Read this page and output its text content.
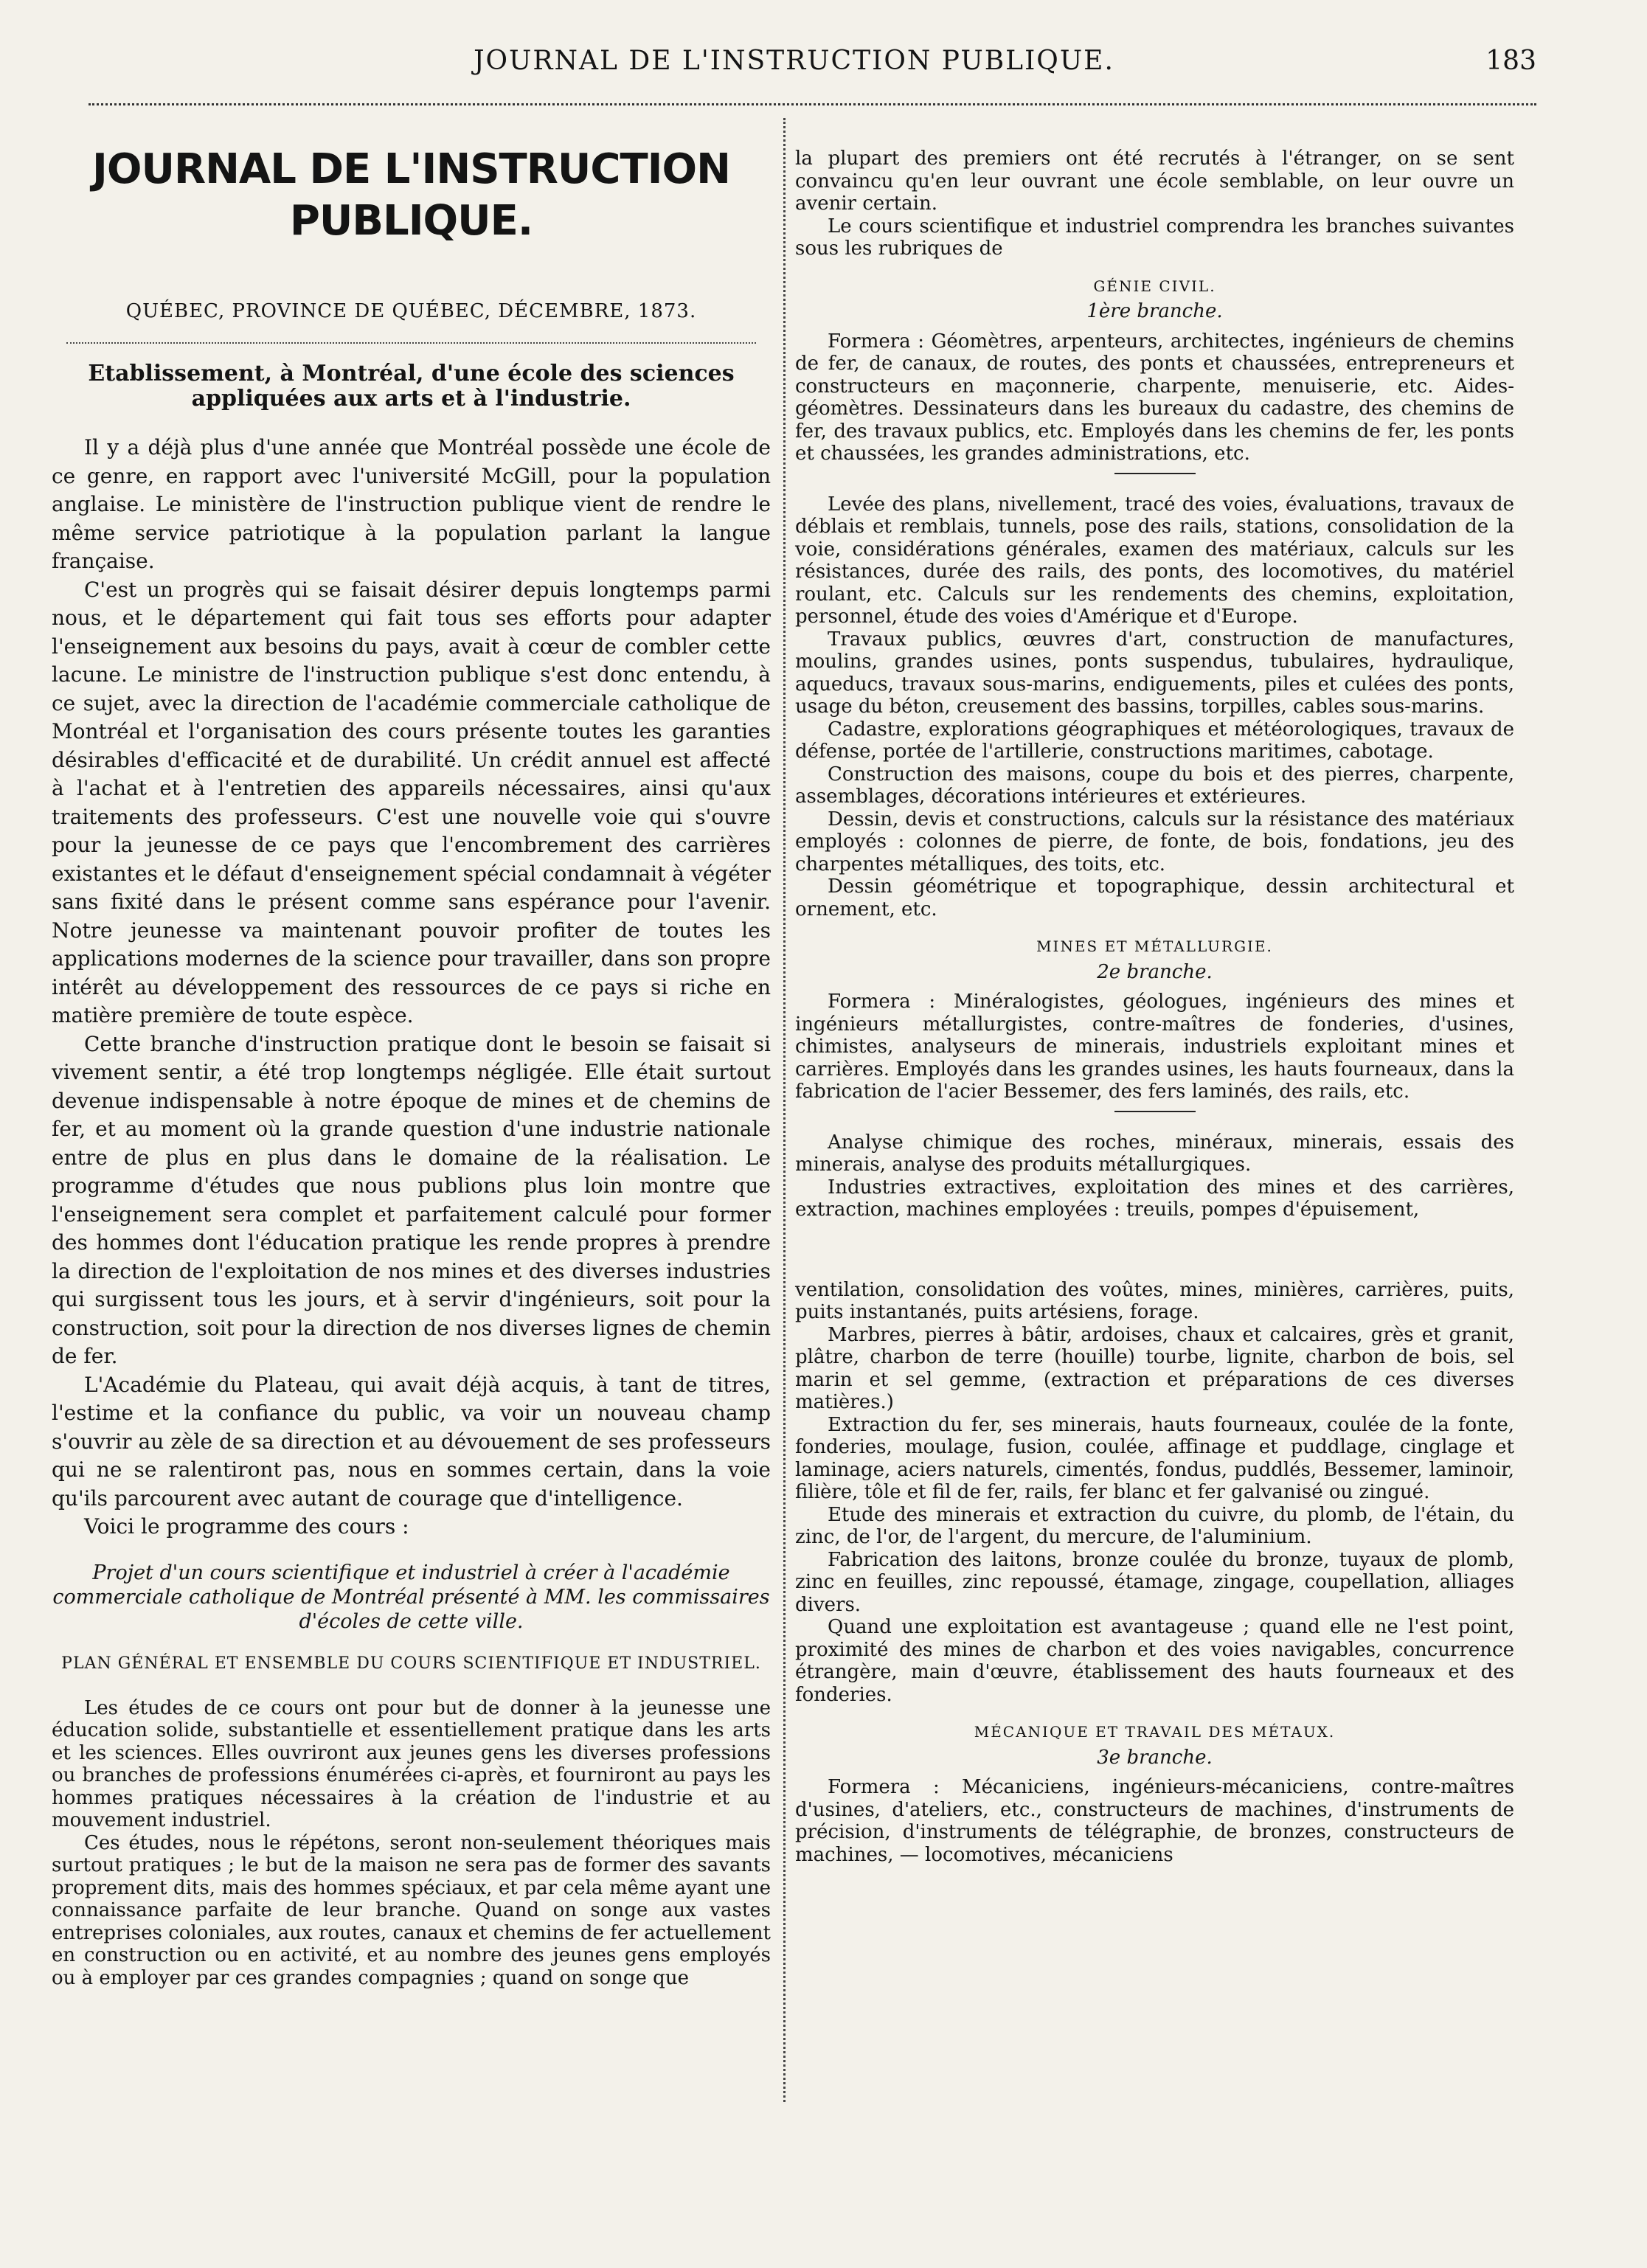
JOURNAL DE L'INSTRUCTION PUBLIQUE.	183
JOURNAL DE L'INSTRUCTION PUBLIQUE.
QUÉBEC, PROVINCE DE QUÉBEC, DÉCEMBRE, 1873.
Etablissement, à Montréal, d'une école des sciences
appliquées aux arts et à l'industrie.

Il y a déjà plus d'une année que Montréal possède une école de ce genre, en rapport avec l'université McGill, pour la population anglaise. Le ministère de l'instruction publique vient de rendre le même service patriotique à la population parlant la langue française.

C'est un progrès qui se faisait désirer depuis longtemps parmi nous, et le département qui fait tous ses efforts pour adapter l'enseignement aux besoins du pays, avait à cœur de combler cette lacune. Le ministre de l'instruction publique s'est donc entendu, à ce sujet, avec la direction de l'académie commerciale catholique de Montréal et l'organisation des cours présente toutes les garanties désirables d'efficacité et de durabilité. Un crédit annuel est affecté à l'achat et à l'entretien des appareils nécessaires, ainsi qu'aux traitements des professeurs. C'est une nouvelle voie qui s'ouvre pour la jeunesse de ce pays que l'encombrement des carrières existantes et le défaut d'enseignement spécial condamnait à végéter sans fixité dans le présent comme sans espérance pour l'avenir. Notre jeunesse va maintenant pouvoir profiter de toutes les applications modernes de la science pour travailler, dans son propre intérêt au développement des ressources de ce pays si riche en matière première de toute espèce.

Cette branche d'instruction pratique dont le besoin se faisait si vivement sentir, a été trop longtemps négligée. Elle était surtout devenue indispensable à notre époque de mines et de chemins de fer, et au moment où la grande question d'une industrie nationale entre de plus en plus dans le domaine de la réalisation. Le programme d'études que nous publions plus loin montre que l'enseignement sera complet et parfaitement calculé pour former des hommes dont l'éducation pratique les rende propres à prendre la direction de l'exploitation de nos mines et des diverses industries qui surgissent tous les jours, et à servir d'ingénieurs, soit pour la construction, soit pour la direction de nos diverses lignes de chemin de fer.

L'Académie du Plateau, qui avait déjà acquis, à tant de titres, l'estime et la confiance du public, va voir un nouveau champ s'ouvrir au zèle de sa direction et au dévouement de ses professeurs qui ne se ralentiront pas, nous en sommes certain, dans la voie qu'ils parcourent avec autant de courage que d'intelligence.

Voici le programme des cours :

Projet d'un cours scientifique et industriel à créer à l'académie commerciale catholique de Montréal présenté à MM. les commissaires d'écoles de cette ville.

PLAN GÉNÉRAL ET ENSEMBLE DU COURS SCIENTIFIQUE ET INDUSTRIEL.

Les études de ce cours ont pour but de donner à la jeunesse une éducation solide, substantielle et essentiellement pratique dans les arts et les sciences. Elles ouvriront aux jeunes gens les diverses professions ou branches de professions énumérées ci-après, et fourniront au pays les hommes pratiques nécessaires à la création de l'industrie et au mouvement industriel.

Ces études, nous le répétons, seront non-seulement théoriques mais surtout pratiques ; le but de la maison ne sera pas de former des savants proprement dits, mais des hommes spéciaux, et par cela même ayant une connaissance parfaite de leur branche. Quand on songe aux vastes entreprises coloniales, aux routes, canaux et chemins de fer actuellement en construction ou en activité, et au nombre des jeunes gens employés ou à employer par ces grandes compagnies ; quand on songe que

la plupart des premiers ont été recrutés à l'étranger, on se sent convaincu qu'en leur ouvrant une école semblable, on leur ouvre un avenir certain.

Le cours scientifique et industriel comprendra les branches suivantes sous les rubriques de

GÉNIE CIVIL.
1ère branche.

Formera : Géomètres, arpenteurs, architectes, ingénieurs de chemins de fer, de canaux, de routes, des ponts et chaussées, entrepreneurs et constructeurs en maçonnerie, charpente, menuiserie, etc. Aides-géomètres. Dessinateurs dans les bureaux du cadastre, des chemins de fer, des travaux publics, etc. Employés dans les chemins de fer, les ponts et chaussées, les grandes administrations, etc.

Levée des plans, nivellement, tracé des voies, évaluations, travaux de déblais et remblais, tunnels, pose des rails, stations, consolidation de la voie, considérations générales, examen des matériaux, calculs sur les résistances, durée des rails, des ponts, des locomotives, du matériel roulant, etc. Calculs sur les rendements des chemins, exploitation, personnel, étude des voies d'Amérique et d'Europe.

Travaux publics, œuvres d'art, construction de manufactures, moulins, grandes usines, ponts suspendus, tubulaires, hydraulique, aqueducs, travaux sous-marins, endiguements, piles et culées des ponts, usage du béton, creusement des bassins, torpilles, cables sous-marins.

Cadastre, explorations géographiques et météorologiques, travaux de défense, portée de l'artillerie, constructions maritimes, cabotage.

Construction des maisons, coupe du bois et des pierres, charpente, assemblages, décorations intérieures et extérieures.

Dessin, devis et constructions, calculs sur la résistance des matériaux employés : colonnes de pierre, de fonte, de bois, fondations, jeu des charpentes métalliques, des toits, etc.

Dessin géométrique et topographique, dessin architectural et ornement, etc.

MINES ET MÉTALLURGIE.
2e branche.

Formera : Minéralogistes, géologues, ingénieurs des mines et ingénieurs métallurgistes, contre-maîtres de fonderies, d'usines, chimistes, analyseurs de minerais, industriels exploitant mines et carrières. Employés dans les grandes usines, les hauts fourneaux, dans la fabrication de l'acier Bessemer, des fers laminés, des rails, etc.

Analyse chimique des roches, minéraux, minerais, essais des minerais, analyse des produits métallurgiques.

Industries extractives, exploitation des mines et des carrières, extraction, machines employées : treuils, pompes d'épuisement,

ventilation, consolidation des voûtes, mines, minières, carrières, puits, puits instantanés, puits artésiens, forage.

Marbres, pierres à bâtir, ardoises, chaux et calcaires, grès et granit, plâtre, charbon de terre (houille) tourbe, lignite, charbon de bois, sel marin et sel gemme, (extraction et préparations de ces diverses matières.)

Extraction du fer, ses minerais, hauts fourneaux, coulée de la fonte, fonderies, moulage, fusion, coulée, affinage et puddlage, cinglage et laminage, aciers naturels, cimentés, fondus, puddlés, Bessemer, laminoir, filière, tôle et fil de fer, rails, fer blanc et fer galvanisé ou zingué.

Etude des minerais et extraction du cuivre, du plomb, de l'étain, du zinc, de l'or, de l'argent, du mercure, de l'aluminium.

Fabrication des laitons, bronze coulée du bronze, tuyaux de plomb, zinc en feuilles, zinc repoussé, étamage, zingage, coupellation, alliages divers.

Quand une exploitation est avantageuse ; quand elle ne l'est point, proximité des mines de charbon et des voies navigables, concurrence étrangère, main d'œuvre, établissement des hauts fourneaux et des fonderies.

MÉCANIQUE ET TRAVAIL DES MÉTAUX.
3e branche.

Formera : Mécaniciens, ingénieurs-mécaniciens, contre-maîtres d'usines, d'ateliers, etc., constructeurs de machines, d'instruments de précision, d'instruments de télégraphie, de bronzes, constructeurs de machines, — locomotives, mécaniciens
